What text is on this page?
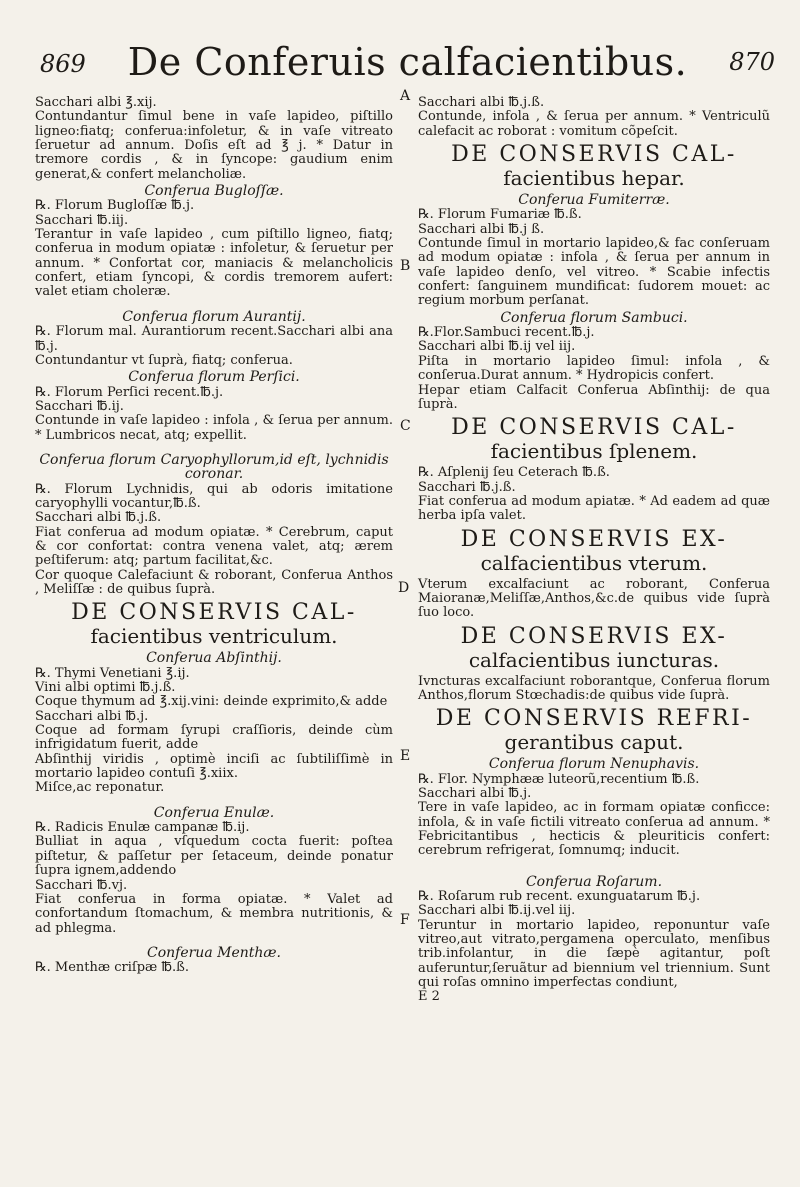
869	De Conferuis calfacientibus.	870

Sacchari albi ℥.xij.

Contundantur ſimul bene in vaſe lapideo, piſtillo ligneo:fiatq; conferua:infoletur, & in vaſe vitreato ſeruetur ad annum. Doſis eſt ad ℥ j. * Datur in tremore cordis , & in ſyncope: gaudium enim generat,& confert melancholiæ.

Conferua Bugloſſæ.

℞. Florum Bugloſſæ ℔.j.

Sacchari ℔.iij.

Terantur in vaſe lapideo , cum piſtillo ligneo, fiatq; conferua in modum opiatæ : infoletur, & ſeruetur per annum. * Confortat cor, maniacis & melancholicis confert, etiam ſyncopi, & cordis tremorem aufert: valet etiam choleræ.

Conferua florum Aurantij.

℞. Florum mal. Aurantiorum recent.Sacchari albi ana ℔.j.

Contundantur vt ſuprà, fiatq; conferua.

Conferua florum Perſici.

℞. Florum Perſici recent.℔.j.

Sacchari ℔.ij.

Contunde in vaſe lapideo : infola , & ſerua per annum. * Lumbricos necat, atq; expellit.

Conferua florum Caryophyllorum,id eſt, lychnidis coronar.

℞. Florum Lychnidis, qui ab odoris imitatione caryophylli vocantur,℔.ß.

Sacchari albi ℔.j.ß.

Fiat conferua ad modum opiatæ. * Cerebrum, caput & cor confortat: contra venena valet, atq; ærem peſtiferum: atq; partum facilitat,&c.

Cor quoque Calefaciunt & roborant, Conferua Anthos , Meliſſæ : de quibus ſuprà.

DE CONSERVIS CAL-
facientibus ventriculum.
Conferua Abſinthij.

℞. Thymi Venetiani ℥.ij.

Vini albi optimi ℔.j.ß.

Coque thymum ad ℥.xij.vini: deinde exprimito,& adde

Sacchari albi ℔.j.

Coque ad formam ſyrupi craſſioris, deinde cùm infrigidatum fuerit, adde

Abſinthij viridis , optimè inciſi ac ſubtiliſſimè in mortario lapideo contuſi ℥.xiix.

Miſce,ac reponatur.

Conferua Enulæ.

℞. Radicis Enulæ campanæ ℔.ij.

Bulliat in aqua , vſquedum cocta fuerit: poſtea piſtetur, & paſſetur per ſetaceum, deinde ponatur ſupra ignem,addendo

Sacchari ℔.vj.

Fiat conferua in forma opiatæ. * Valet ad confortandum ſtomachum, & membra nutritionis, & ad phlegma.

Conferua Menthæ.

℞. Menthæ criſpæ ℔.ß.

Sacchari albi ℔.j.ß.

Contunde, infola , & ſerua per annum. * Ventriculũ calefacit ac roborat : vomitum cõpeſcit.

DE CONSERVIS CAL-
facientibus hepar.
Conferua Fumiterræ.

℞. Florum Fumariæ ℔.ß.

Sacchari albi ℔.j ß.

Contunde ſimul in mortario lapideo,& fac conſeruam ad modum opiatæ : infola , & ſerua per annum in vaſe lapideo denſo, vel vitreo. * Scabie infectis confert: ſanguinem mundificat: ſudorem mouet: ac regium morbum perſanat.

Conferua florum Sambuci.

℞.Flor.Sambuci recent.℔.j.

Sacchari albi ℔.ij vel iij.

Piſta in mortario lapideo ſimul: infola , & conſerua.Durat annum. * Hydropicis confert.

Hepar etiam Calfacit Conferua Abſinthij: de qua ſuprà.

DE CONSERVIS CAL-
facientibus ſplenem.

℞. Aſplenij ſeu Ceterach ℔.ß.

Sacchari ℔.j.ß.

Fiat conferua ad modum apiatæ. * Ad eadem ad quæ herba ipſa valet.

DE CONSERVIS EX-
calfacientibus vterum.

Vterum excalfaciunt ac roborant, Conferua Maioranæ,Meliſſæ,Anthos,&c.de quibus vide ſuprà ſuo loco.

DE CONSERVIS EX-
calfacientibus iuncturas.

Ivncturas excalfaciunt roborantque, Conferua florum Anthos,florum Stœchadis:de quibus vide ſuprà.

DE CONSERVIS REFRI-
gerantibus caput.
Conferua florum Nenuphavis.

℞. Flor. Nymphææ luteorũ,recentium ℔.ß.

Sacchari albi ℔.j.

Tere in vaſe lapideo, ac in formam opiatæ conficce: infola, & in vaſe fictili vitreato conſerua ad annum. * Febricitantibus , hecticis & pleuriticis confert: cerebrum refrigerat, ſomnumq; inducit.

Conferua Roſarum.

℞. Roſarum rub recent. exunguatarum ℔.j.

Sacchari albi ℔.ij.vel iij.

Teruntur in mortario lapideo, reponuntur vaſe vitreo,aut vitrato,pergamena operculato, menſibus trib.infolantur, in die ſæpè agitantur, poſt auferuntur,ſeruãtur ad biennium vel triennium. Sunt qui roſas omnino imperfectas condiunt,

E 2

A
B
C
D
E
F
